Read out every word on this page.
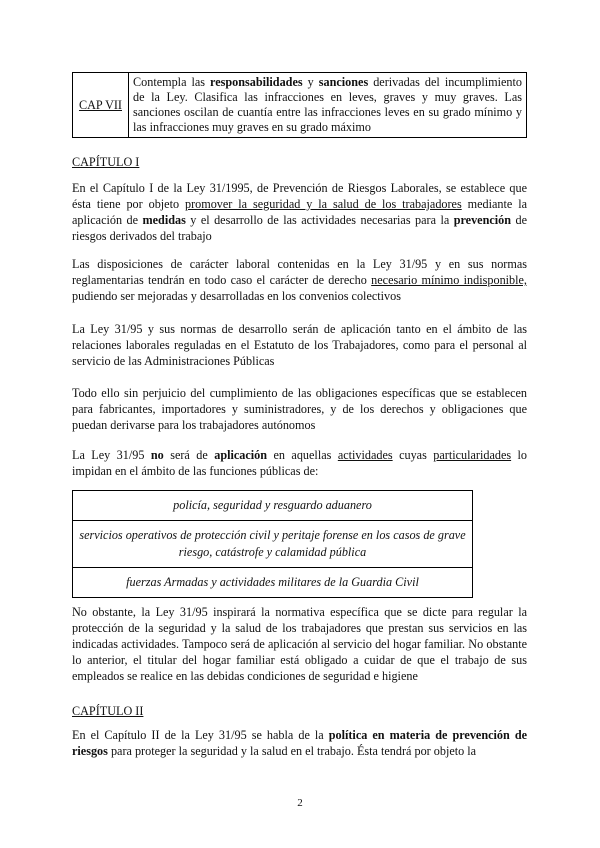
CAP VII	Contempla las responsabilidades y sanciones derivadas del incumplimiento de la Ley. Clasifica las infracciones en leves, graves y muy graves. Las sanciones oscilan de cuantía entre las infracciones leves en su grado mínimo y las infracciones muy graves en su grado máximo
CAPÍTULO I
En el Capítulo I de la Ley 31/1995, de Prevención de Riesgos Laborales, se establece que ésta tiene por objeto promover la seguridad y la salud de los trabajadores mediante la aplicación de medidas y el desarrollo de las actividades necesarias para la prevención de riesgos derivados del trabajo
Las disposiciones de carácter laboral contenidas en la Ley 31/95 y en sus normas reglamentarias tendrán en todo caso el carácter de derecho necesario mínimo indisponible, pudiendo ser mejoradas y desarrolladas en los convenios colectivos
La Ley 31/95 y sus normas de desarrollo serán de aplicación tanto en el ámbito de las relaciones laborales reguladas en el Estatuto de los Trabajadores, como para el personal al servicio de las Administraciones Públicas
Todo ello sin perjuicio del cumplimiento de las obligaciones específicas que se establecen para fabricantes, importadores y suministradores, y de los derechos y obligaciones que puedan derivarse para los trabajadores autónomos
La Ley 31/95 no será de aplicación en aquellas actividades cuyas particularidades lo impidan en el ámbito de las funciones públicas de:
policía, seguridad y resguardo aduanero
servicios operativos de protección civil y peritaje forense en los casos de grave riesgo, catástrofe y calamidad pública
fuerzas Armadas y actividades militares de la Guardia Civil
No obstante, la Ley 31/95 inspirará la normativa específica que se dicte para regular la protección de la seguridad y la salud de los trabajadores que prestan sus servicios en las indicadas actividades. Tampoco será de aplicación al servicio del hogar familiar. No obstante lo anterior, el titular del hogar familiar está obligado a cuidar de que el trabajo de sus empleados se realice en las debidas condiciones de seguridad e higiene
CAPÍTULO II
En el Capítulo II de la Ley 31/95 se habla de la política en materia de prevención de riesgos para proteger la seguridad y la salud en el trabajo. Ésta tendrá por objeto la
2
